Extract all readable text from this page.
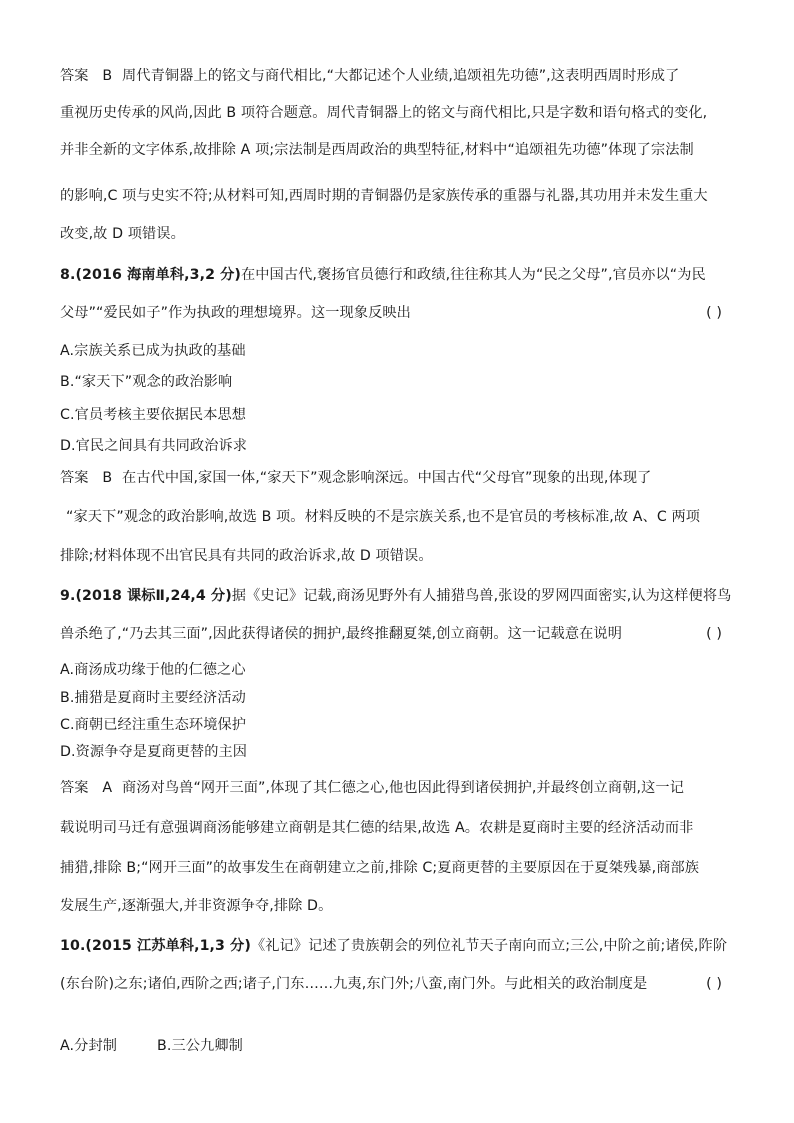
答案 B 周代青铜器上的铭文与商代相比,“大都记述个人业绩,追颂祖先功德”,这表明西周时形成了
重视历史传承的风尚,因此 B 项符合题意。周代青铜器上的铭文与商代相比,只是字数和语句格式的变化,
并非全新的文字体系,故排除 A 项;宗法制是西周政治的典型特征,材料中“追颂祖先功德”体现了宗法制
的影响,C 项与史实不符;从材料可知,西周时期的青铜器仍是家族传承的重器与礼器,其功用并未发生重大
改变,故 D 项错误。
8.(2016 海南单科,3,2 分)在中国古代,褒扬官员德行和政绩,往往称其人为“民之父母”,官员亦以“为民
父母”“爱民如子”作为执政的理想境界。这一现象反映出	( )
A.宗族关系已成为执政的基础
B.“家天下”观念的政治影响
C.官员考核主要依据民本思想
D.官民之间具有共同政治诉求
答案 B 在古代中国,家国一体,“家天下”观念影响深远。中国古代“父母官”现象的出现,体现了
“家天下”观念的政治影响,故选 B 项。材料反映的不是宗族关系,也不是官员的考核标准,故 A、C 两项
排除;材料体现不出官民具有共同的政治诉求,故 D 项错误。
9.(2018 课标Ⅱ,24,4 分)据《史记》记载,商汤见野外有人捕猎鸟兽,张设的罗网四面密实,认为这样便将鸟
兽杀绝了,“乃去其三面”,因此获得诸侯的拥护,最终推翻夏桀,创立商朝。这一记载意在说明	( )
A.商汤成功缘于他的仁德之心
B.捕猎是夏商时主要经济活动
C.商朝已经注重生态环境保护
D.资源争夺是夏商更替的主因
答案 A 商汤对鸟兽“网开三面”,体现了其仁德之心,他也因此得到诸侯拥护,并最终创立商朝,这一记
载说明司马迁有意强调商汤能够建立商朝是其仁德的结果,故选 A。农耕是夏商时主要的经济活动而非
捕猎,排除 B;“网开三面”的故事发生在商朝建立之前,排除 C;夏商更替的主要原因在于夏桀残暴,商部族
发展生产,逐渐强大,并非资源争夺,排除 D。
10.(2015 江苏单科,1,3 分)《礼记》记述了贵族朝会的列位礼节天子南向而立;三公,中阶之前;诸侯,阼阶
(东台阶)之东;诸伯,西阶之西;诸子,门东……九夷,东门外;八蛮,南门外。与此相关的政治制度是	( )
A.分封制	B.三公九卿制
